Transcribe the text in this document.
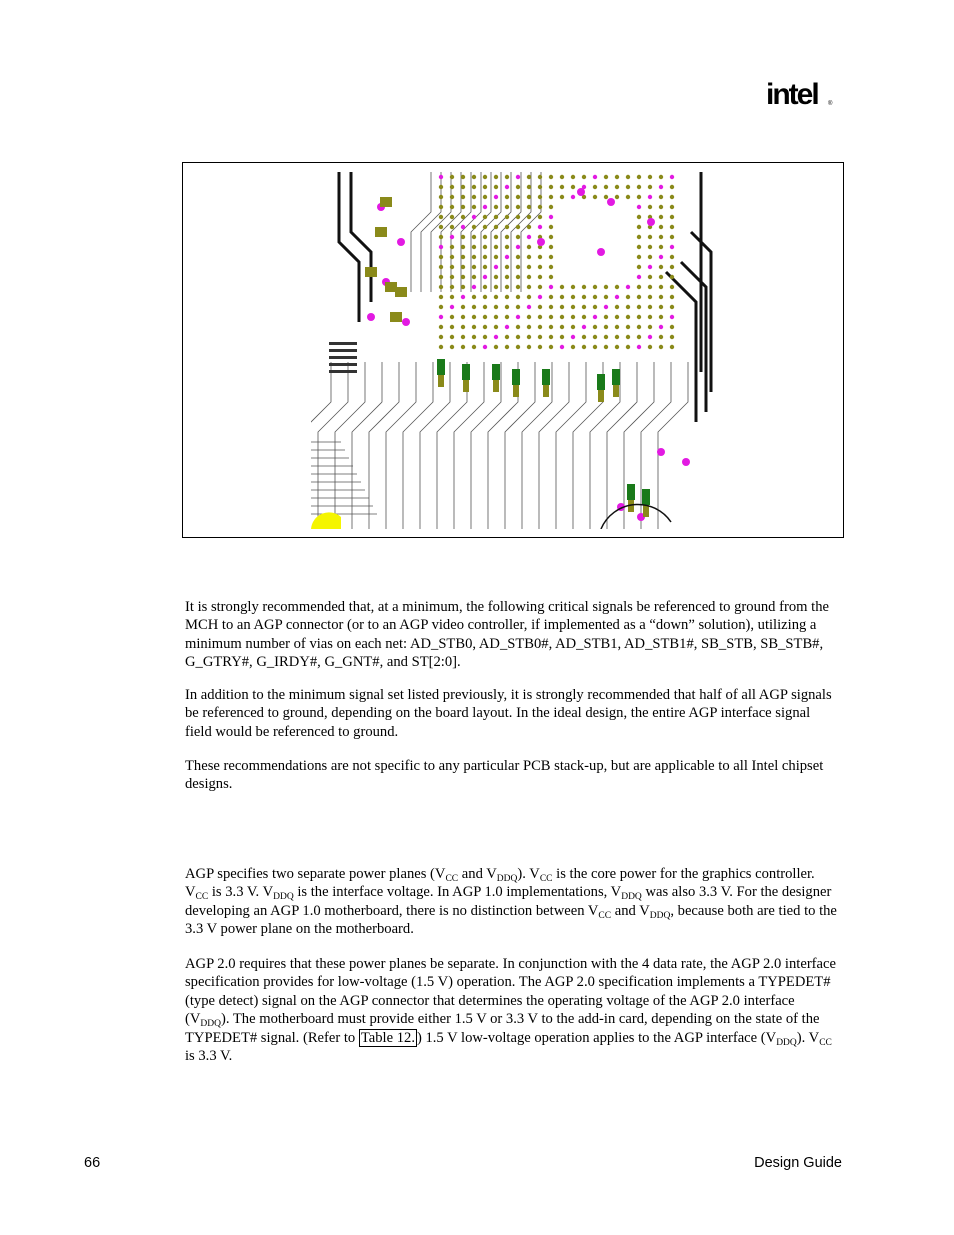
intel ®

It is strongly recommended that, at a minimum, the following critical signals be referenced to ground from the MCH to an AGP connector (or to an AGP video controller, if implemented as a “down” solution), utilizing a minimum number of vias on each net: AD_STB0, AD_STB0#, AD_STB1, AD_STB1#, SB_STB, SB_STB#, G_GTRY#, G_IRDY#, G_GNT#, and ST[2:0].

In addition to the minimum signal set listed previously, it is strongly recommended that half of all AGP signals be referenced to ground, depending on the board layout. In the ideal design, the entire AGP interface signal field would be referenced to ground.

These recommendations are not specific to any particular PCB stack-up, but are applicable to all Intel chipset designs.

AGP specifies two separate power planes ($V_{CC}$ and $V_{DDQ}$). $V_{CC}$ is the core power for the graphics controller. $V_{CC}$ is 3.3 V. $V_{DDQ}$ is the interface voltage. In AGP 1.0 implementations, $V_{DDQ}$ was also 3.3 V. For the designer developing an AGP 1.0 motherboard, there is no distinction between $V_{CC}$ and $V_{DDQ}$, because both are tied to the 3.3 V power plane on the motherboard.

AGP 2.0 requires that these power planes be separate. In conjunction with the 4 data rate, the AGP 2.0 interface specification provides for low-voltage (1.5 V) operation. The AGP 2.0 specification implements a TYPEDET# (type detect) signal on the AGP connector that determines the operating voltage of the AGP 2.0 interface $(V_{DDQ})$. The motherboard must provide either 1.5 V or 3.3 V to the add-in card, depending on the state of the TYPEDET# signal. (Refer to Table 12. ) 1.5 V low-voltage operation applies to the AGP interface $(V_{DDQ})$. $V_{CC}$ is 3.3 V.

66	Design Guide
